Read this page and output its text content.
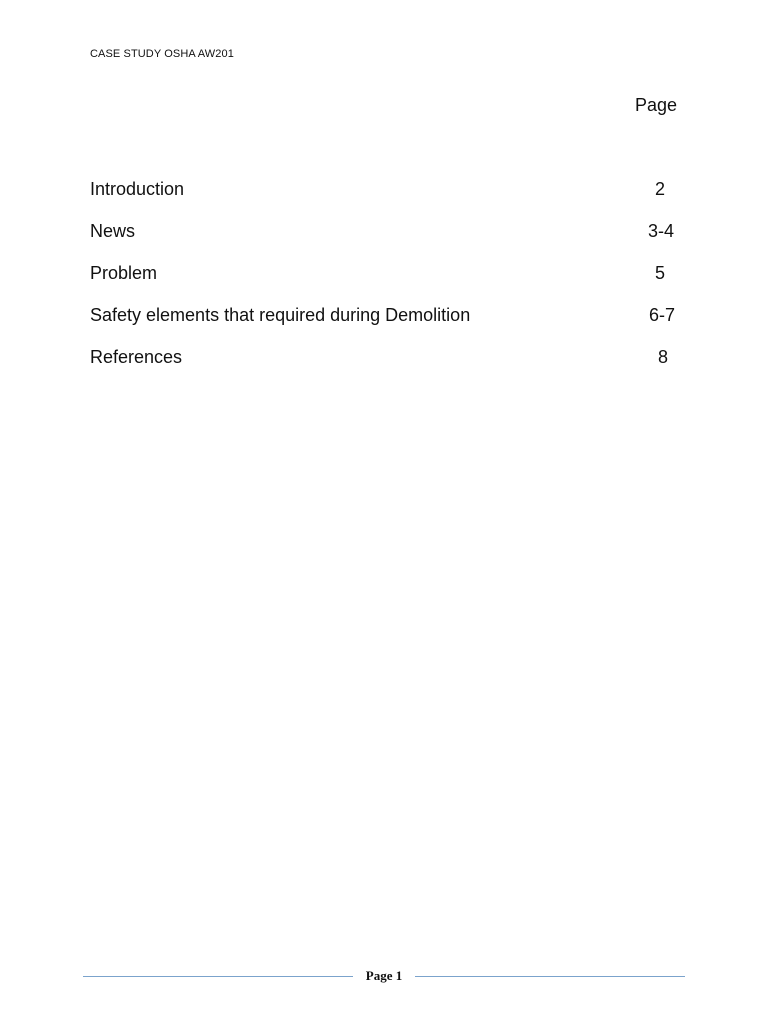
CASE STUDY OSHA AW201
Page
Introduction	2
News	3-4
Problem	5
Safety elements that required during Demolition	6-7
References	8
Page 1
